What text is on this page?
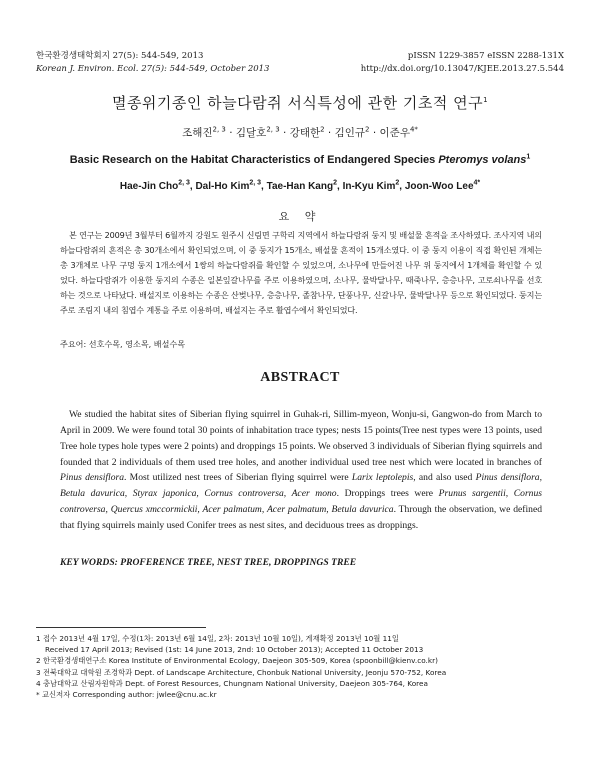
한국환경생태학회지 27(5): 544-549, 2013
Korean J. Environ. Ecol. 27(5): 544-549, October 2013
pISSN 1229-3857 eISSN 2288-131X
http://dx.doi.org/10.13047/KJEE.2013.27.5.544
멸종위기종인 하늘다람쥐 서식특성에 관한 기초적 연구$^1$
조해진$^{2, 3}$ · 김달호$^{2, 3}$ · 강태한$^2$ · 김인규$^2$ · 이준우$^{4*}$
Basic Research on the Habitat Characteristics of Endangered Species Pteromys volans$^1$
Hae-Jin Cho$^{2, 3}$, Dal-Ho Kim$^{2, 3}$, Tae-Han Kang$^2$, In-Kyu Kim$^2$, Joon-Woo Lee$^{4*}$
요 약

본 연구는 2009년 3월부터 6월까지 강원도 원주시 신림면 구학리 지역에서 하늘다람쥐 둥지 및 배설물 흔적을 조사하였다. 조사지역 내의 하늘다람쥐의 흔적은 총 30개소에서 확인되었으며, 이 중 둥지가 15개소, 배설물 흔적이 15개소였다. 이 중 둥지 이용이 직접 확인된 개체는 총 3개체로 나무 구멍 둥지 1개소에서 1쌍의 하늘다람쥐를 확인할 수 있었으며, 소나무에 만들어진 나무 위 둥지에서 1개체를 확인할 수 있었다. 하늘다람쥐가 이용한 둥지의 수종은 일본잎갈나무를 주로 이용하였으며, 소나무, 물박달나무, 때죽나무, 층층나무, 고로쇠나무를 선호하는 것으로 나타났다. 배설지로 이용하는 수종은 산벚나무, 층층나무, 졸참나무, 단풍나무, 신갈나무, 물박달나무 등으로 확인되었다. 둥지는 주로 조림지 내의 침엽수 계통을 주로 이용하며, 배설지는 주로 활엽수에서 확인되었다.

주요어: 선호수목, 영소목, 배설수목
ABSTRACT

We studied the habitat sites of Siberian flying squirrel in Guhak-ri, Sillim-myeon, Wonju-si, Gangwon-do from March to April in 2009. We were found total 30 points of inhabitation trace types; nests 15 points(Tree nest types were 13 points, used Tree hole types hole types were 2 points) and droppings 15 points. We observed 3 individuals of Siberian flying squirrels and founded that 2 individuals of them used tree holes, and another individual used tree nest which were located in branches of Pinus densiflora. Most utilized nest trees of Siberian flying squirrel were Larix leptolepis, and also used Pinus densiflora, Betula davurica, Styrax japonica, Cornus controversa, Acer mono. Droppings trees were Prunus sargentii, Cornus controversa, Quercus xmccormickii, Acer palmatum, Acer palmatum, Betula davurica. Through the observation, we defined that flying squirrels mainly used Conifer trees as nest sites, and deciduous trees as droppings.

KEY WORDS: PROFERENCE TREE, NEST TREE, DROPPINGS TREE
1 접수 2013년 4월 17일, 수정(1차: 2013년 6월 14일, 2차: 2013년 10월 10일), 게재확정 2013년 10월 11일
Received 17 April 2013; Revised (1st: 14 June 2013, 2nd: 10 October 2013); Accepted 11 October 2013
2 한국환경생태연구소 Korea Institute of Environmental Ecology, Daejeon 305-509, Korea (spoonbill@kienv.co.kr)
3 전북대학교 대학원 조경학과 Dept. of Landscape Architecture, Chonbuk National University, Jeonju 570-752, Korea
4 충남대학교 산림자원학과 Dept. of Forest Resources, Chungnam National University, Daejeon 305-764, Korea
* 교신저자 Corresponding author: jwlee@cnu.ac.kr
